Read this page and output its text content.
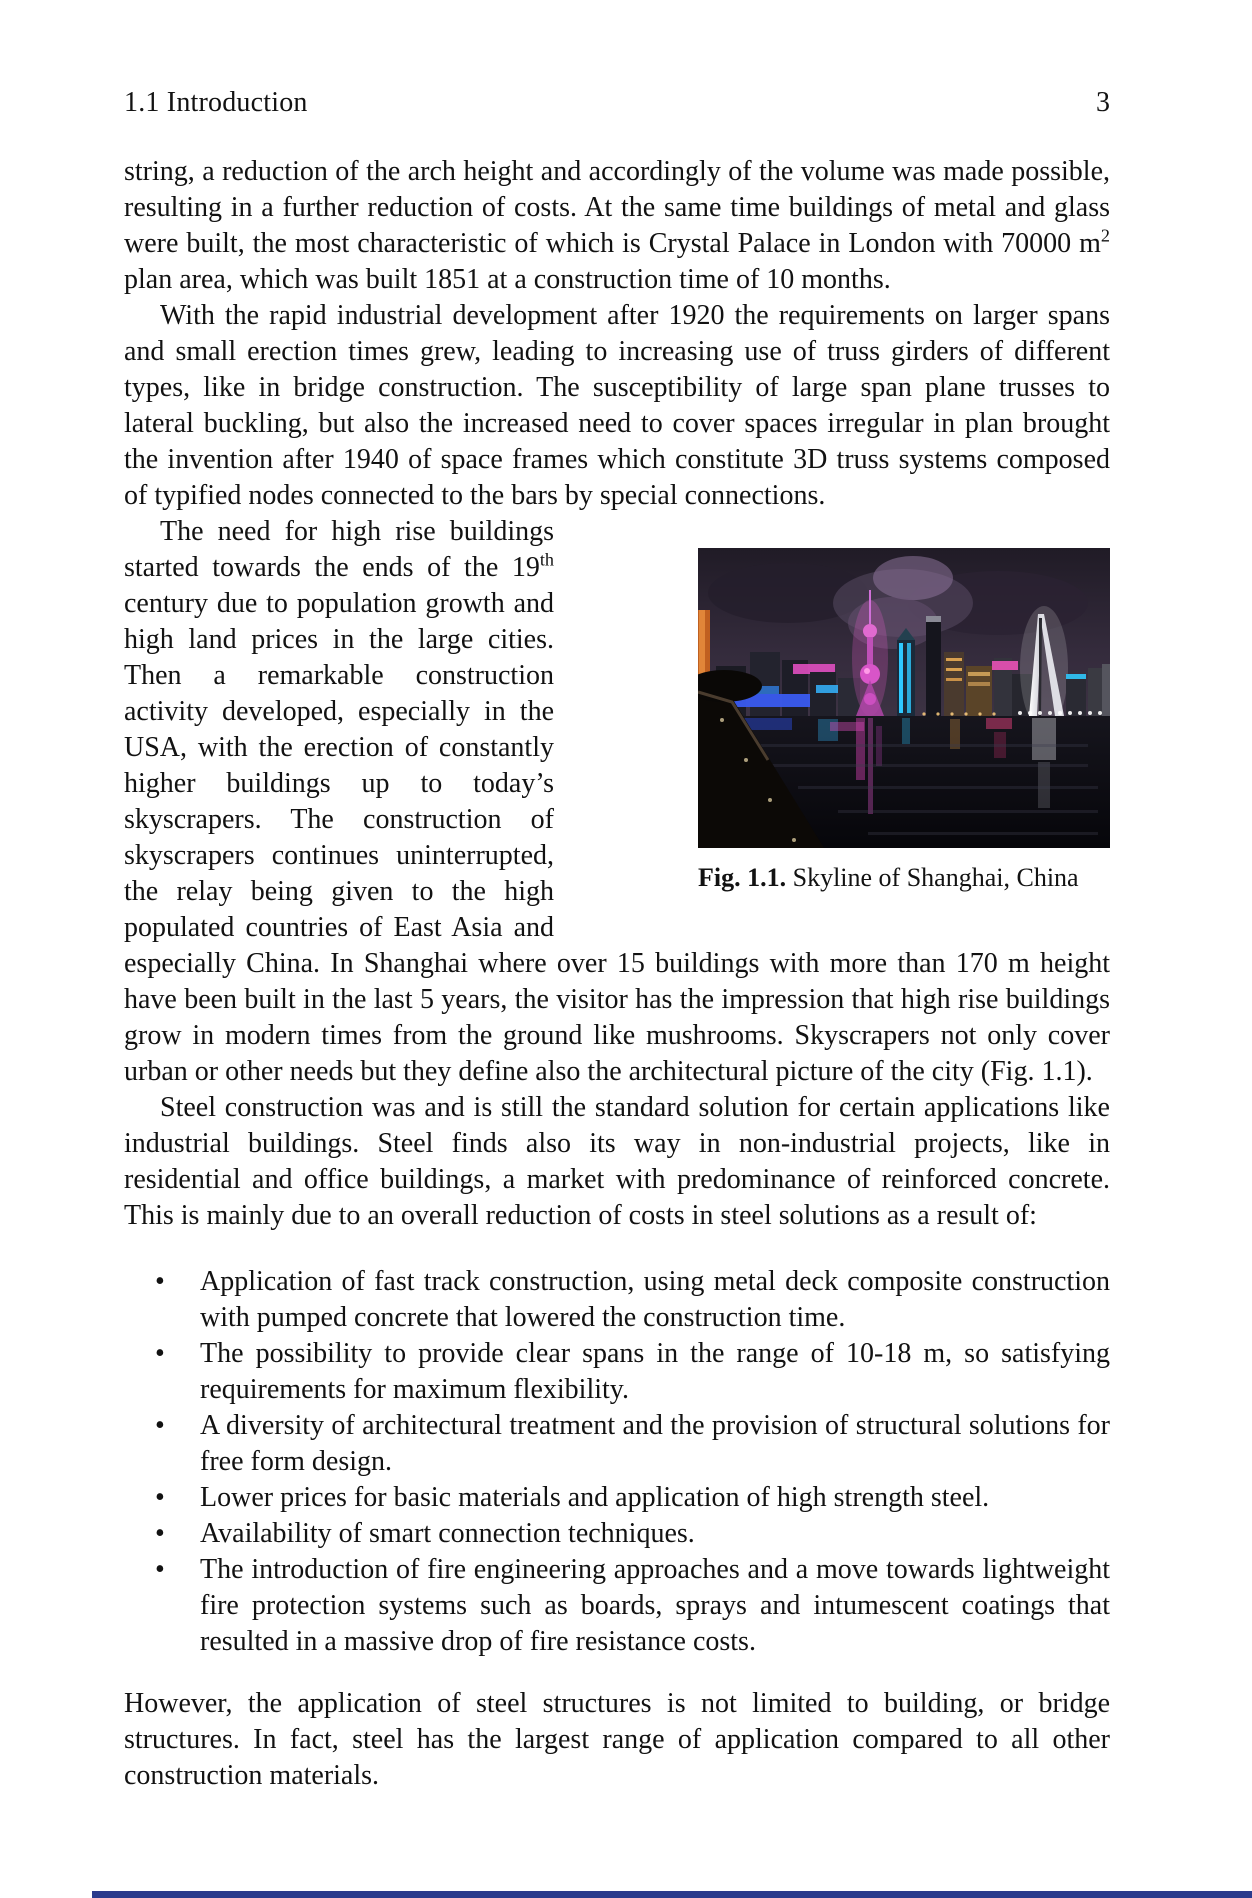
1.1 Introduction	3

string, a reduction of the arch height and accordingly of the volume was made possible, resulting in a further reduction of costs. At the same time buildings of metal and glass were built, the most characteristic of which is Crystal Palace in London with 70000 $m^2$ plan area, which was built 1851 at a construction time of 10 months.

With the rapid industrial development after 1920 the requirements on larger spans and small erection times grew, leading to increasing use of truss girders of different types, like in bridge construction. The susceptibility of large span plane trusses to lateral buckling, but also the increased need to cover spaces irregular in plan brought the invention after 1940 of space frames which constitute 3D truss systems composed of typified nodes connected to the bars by special connections.

Fig. 1.1. Skyline of Shanghai, China
The need for high rise buildings started towards the ends of the 19th century due to population growth and high land prices in the large cities. Then a remarkable construction activity developed, especially in the USA, with the erection of constantly higher buildings up to today’s skyscrapers. The construction of skyscrapers continues uninterrupted, the relay being given to the high populated countries of East Asia and especially China. In Shanghai where over 15 buildings with more than 170 m height have been built in the last 5 years, the visitor has the impression that high rise buildings grow in modern times from the ground like mushrooms. Skyscrapers not only cover urban or other needs but they define also the architectural picture of the city (Fig. 1.1).

Steel construction was and is still the standard solution for certain applications like industrial buildings. Steel finds also its way in non-industrial projects, like in residential and office buildings, a market with predominance of reinforced concrete. This is mainly due to an overall reduction of costs in steel solutions as a result of:

• Application of fast track construction, using metal deck composite construction with pumped concrete that lowered the construction time.
• The possibility to provide clear spans in the range of 10-18 m, so satisfying requirements for maximum flexibility.
• A diversity of architectural treatment and the provision of structural solutions for free form design.
• Lower prices for basic materials and application of high strength steel.
• Availability of smart connection techniques.
• The introduction of fire engineering approaches and a move towards lightweight fire protection systems such as boards, sprays and intumescent coatings that resulted in a massive drop of fire resistance costs.

However, the application of steel structures is not limited to building, or bridge structures. In fact, steel has the largest range of application compared to all other construction materials.
